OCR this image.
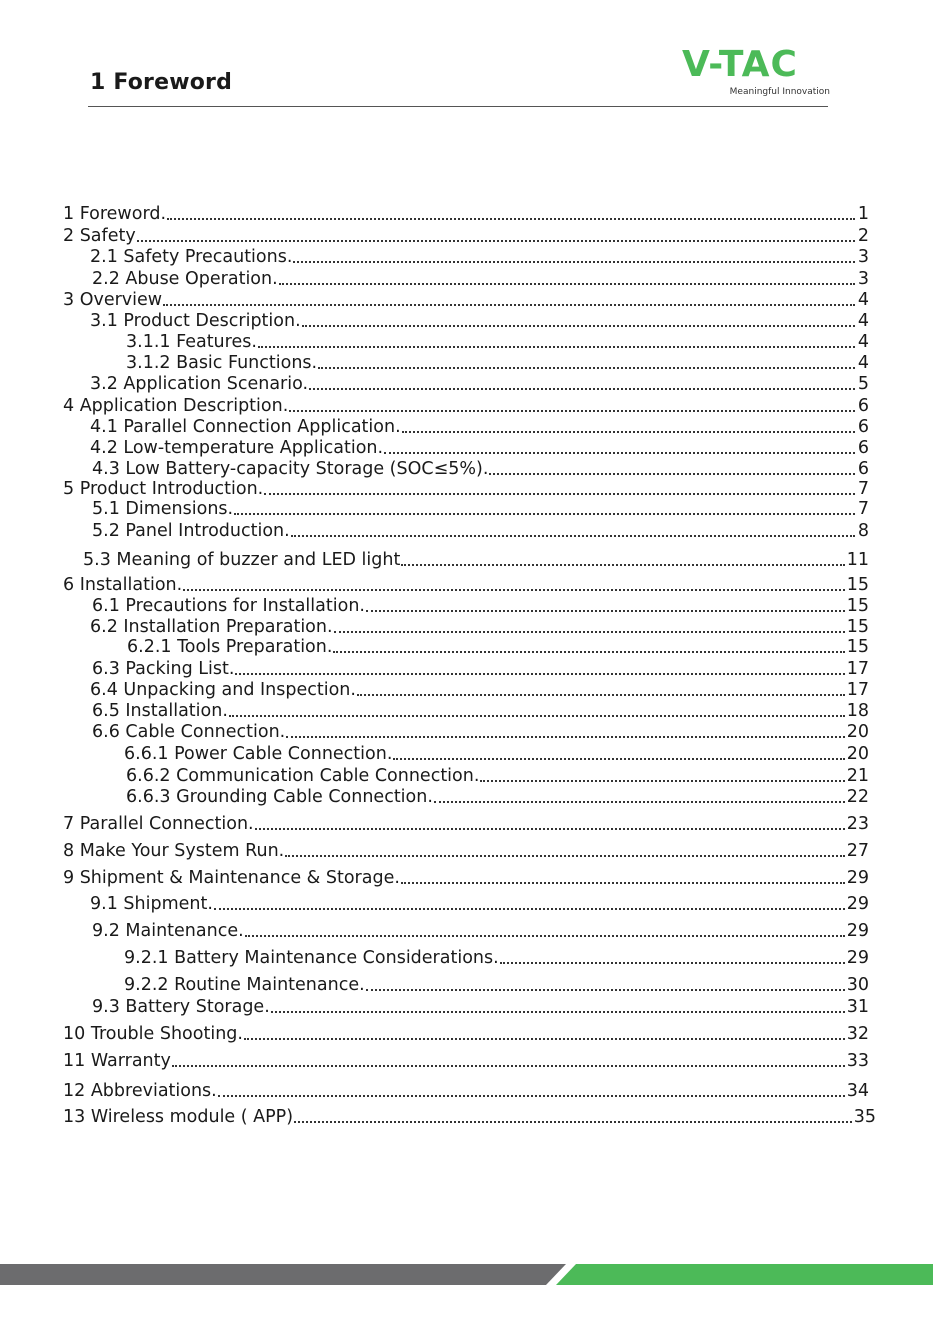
1 Foreword	V-TAC
Meaningful Innovation
1 Foreword.	1
2 Safety	2
2.1 Safety Precautions.	3
2.2 Abuse Operation.	3
3 Overview	4
3.1 Product Description.	4
3.1.1 Features.	4
3.1.2 Basic Functions.	4
3.2 Application Scenario.	5
4 Application Description.	6
4.1 Parallel Connection Application.	6
4.2 Low-temperature Application.	6
4.3 Low Battery-capacity Storage (SOC≤5%).	6
5 Product Introduction.	7
5.1 Dimensions.	7
5.2 Panel Introduction.	8
5.3 Meaning of buzzer and LED light	11
6 Installation.	15
6.1 Precautions for Installation.	15
6.2 Installation Preparation.	15
6.2.1 Tools Preparation.	15
6.3 Packing List.	17
6.4 Unpacking and Inspection.	17
6.5 Installation.	18
6.6 Cable Connection.	20
6.6.1 Power Cable Connection.	20
6.6.2 Communication Cable Connection.	21
6.6.3 Grounding Cable Connection.	22
7 Parallel Connection.	23
8 Make Your System Run.	27
9 Shipment & Maintenance & Storage.	29
9.1 Shipment.	29
9.2 Maintenance.	29
9.2.1 Battery Maintenance Considerations.	29
9.2.2 Routine Maintenance.	30
9.3 Battery Storage.	31
10 Trouble Shooting.	32
11 Warranty	33
12 Abbreviations.	34
13 Wireless module ( APP)	35
